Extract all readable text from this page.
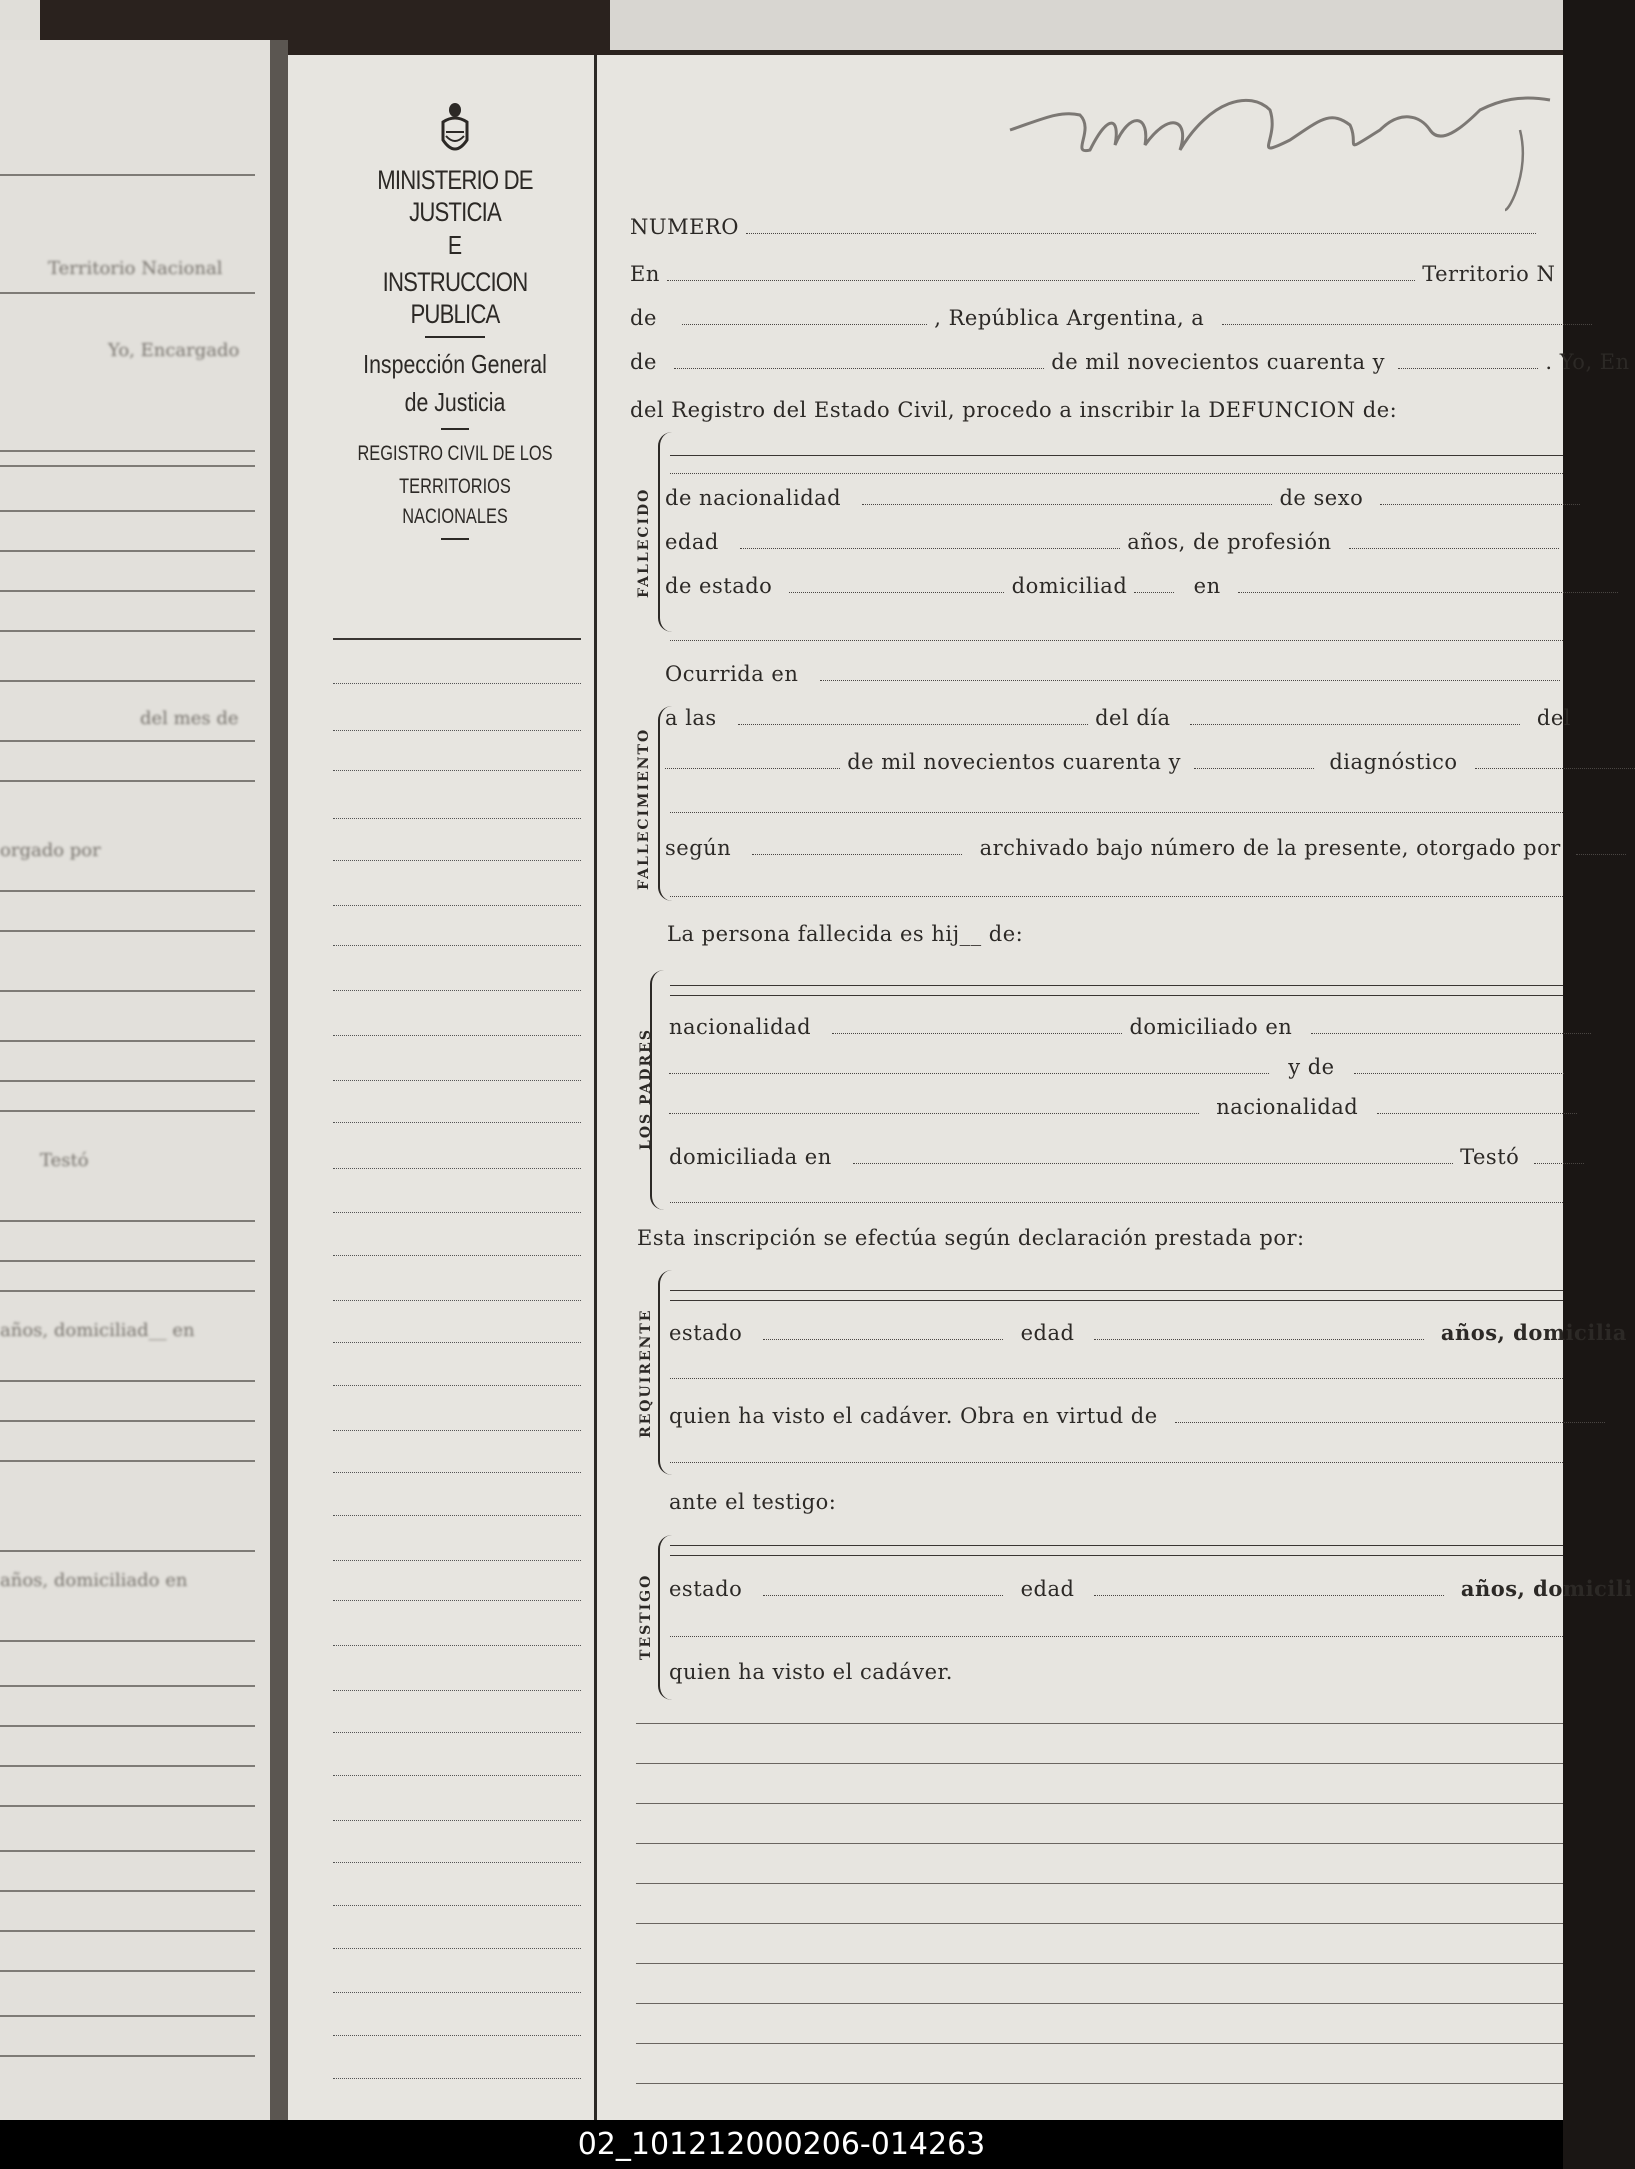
Territorio Nacional
Yo, Encargado
del mes de
orgado por
Testó
años, domiciliad__ en
años, domiciliado en
MINISTERIO DE JUSTICIA
E
INSTRUCCION PUBLICA
Inspección General
de Justicia
REGISTRO CIVIL DE LOS
TERRITORIOS NACIONALES
NUMERO
En	Territorio N
de	, República Argentina, a
de	de mil novecientos cuarenta y	. Yo, En
del Registro del Estado Civil, procedo a inscribir la DEFUNCION de:
FALLECIDO de nacionalidad	de sexo
edad	años, de profesión
de estado	domiciliad	en
Ocurrida en
FALLECIMIENTO
a las	del día	del
de mil novecientos cuarenta y	diagnóstico
según	archivado bajo número de la presente, otorgado por
La persona fallecida es hij__ de:
LOS PADRES
nacionalidad	domiciliado en
y de
nacionalidad
domiciliada en	Testó
Esta inscripción se efectúa según declaración prestada por:
REQUIRENTE estado	edad	años, domicilia
quien ha visto el cadáver. Obra en virtud de
ante el testigo:
TESTIGO estado	edad	años, domicili
quien ha visto el cadáver.
02_101212000206-014263
